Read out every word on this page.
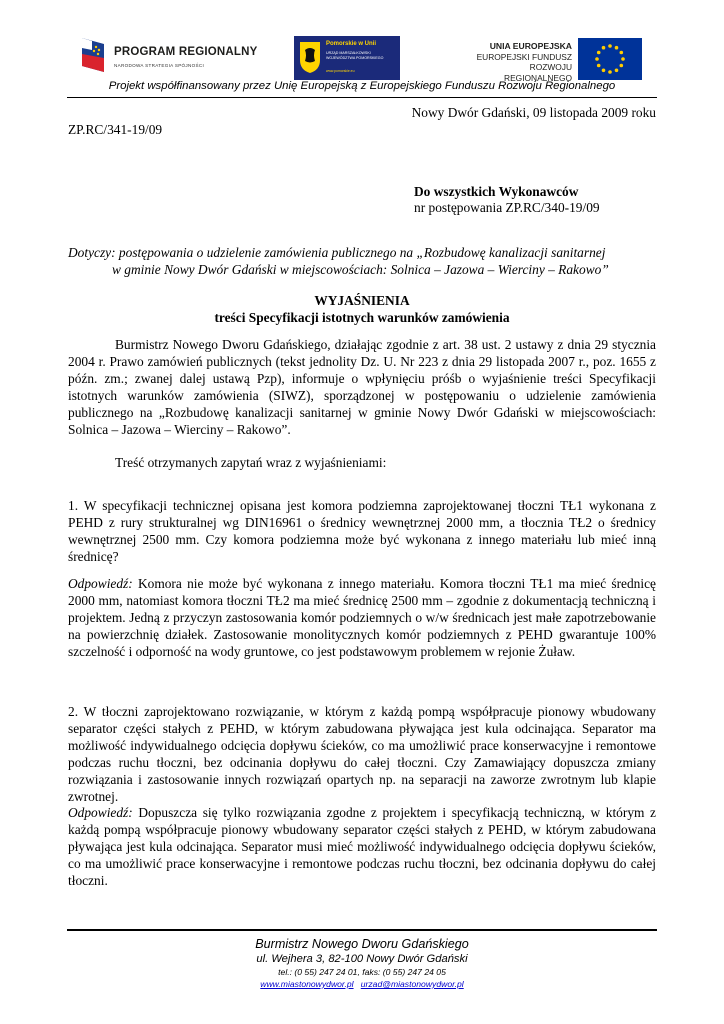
PROGRAM REGIONALNY
NARODOWA STRATEGIA SPÓJNOŚCI
Pomorskie w Unii
URZĄD MARSZAŁKOWSKI
WOJEWÓDZTWA POMORSKIEGO
www.pomorskie.eu
UNIA EUROPEJSKA
EUROPEJSKI FUNDUSZ
ROZWOJU REGIONALNEGO
Projekt współfinansowany przez Unię Europejską z Europejskiego Funduszu Rozwoju Regionalnego
Nowy Dwór Gdański, 09 listopada 2009 roku
ZP.RC/341-19/09
Do wszystkich Wykonawców
nr postępowania ZP.RC/340-19/09
Dotyczy: postępowania o udzielenie zamówienia publicznego na „Rozbudowę kanalizacji sanitarnej
w gminie Nowy Dwór Gdański w miejscowościach: Solnica – Jazowa – Wierciny – Rakowo”
WYJAŚNIENIA
treści Specyfikacji istotnych warunków zamówienia

Burmistrz Nowego Dworu Gdańskiego, działając zgodnie z art. 38 ust. 2 ustawy z dnia 29 stycznia 2004 r. Prawo zamówień publicznych (tekst jednolity Dz. U. Nr 223 z dnia 29 listopada 2007 r., poz. 1655 z późn. zm.; zwanej dalej ustawą Pzp), informuje o wpłynięciu próśb o wyjaśnienie treści Specyfikacji istotnych warunków zamówienia (SIWZ), sporządzonej w postępowaniu o udzielenie zamówienia publicznego na „Rozbudowę kanalizacji sanitarnej w gminie Nowy Dwór Gdański w miejscowościach: Solnica – Jazowa – Wierciny – Rakowo”.

Treść otrzymanych zapytań wraz z wyjaśnieniami:

1. W specyfikacji technicznej opisana jest komora podziemna zaprojektowanej tłoczni TŁ1 wykonana z PEHD z rury strukturalnej wg DIN16961 o średnicy wewnętrznej 2000 mm, a tłocznia TŁ2 o średnicy wewnętrznej 2500 mm. Czy komora podziemna może być wykonana z innego materiału lub mieć inną średnicę?

Odpowiedź: Komora nie może być wykonana z innego materiału. Komora tłoczni TŁ1 ma mieć średnicę 2000 mm, natomiast komora tłoczni TŁ2 ma mieć średnicę 2500 mm – zgodnie z dokumentacją techniczną i projektem. Jedną z przyczyn zastosowania komór podziemnych o w/w średnicach jest małe zapotrzebowanie na powierzchnię działek. Zastosowanie monolitycznych komór podziemnych z PEHD gwarantuje 100% szczelność i odporność na wody gruntowe, co jest podstawowym problemem w rejonie Żuław.

2. W tłoczni zaprojektowano rozwiązanie, w którym z każdą pompą współpracuje pionowy wbudowany separator części stałych z PEHD, w którym zabudowana pływająca jest kula odcinająca. Separator ma możliwość indywidualnego odcięcia dopływu ścieków, co ma umożliwić prace konserwacyjne i remontowe podczas ruchu tłoczni, bez odcinania dopływu do całej tłoczni. Czy Zamawiający dopuszcza zmiany rozwiązania i zastosowanie innych rozwiązań opartych np. na separacji na zaworze zwrotnym lub klapie zwrotnej.

Odpowiedź: Dopuszcza się tylko rozwiązania zgodne z projektem i specyfikacją techniczną, w którym z każdą pompą współpracuje pionowy wbudowany separator części stałych z PEHD, w którym zabudowana pływająca jest kula odcinająca. Separator musi mieć możliwość indywidualnego odcięcia dopływu ścieków, co ma umożliwić prace konserwacyjne i remontowe podczas ruchu tłoczni, bez odcinania dopływu do całej tłoczni.

Burmistrz Nowego Dworu Gdańskiego
ul. Wejhera 3, 82-100 Nowy Dwór Gdański
tel.: (0 55) 247 24 01, faks: (0 55) 247 24 05
www.miastonowydwor.pl urzad@miastonowydwor.pl
